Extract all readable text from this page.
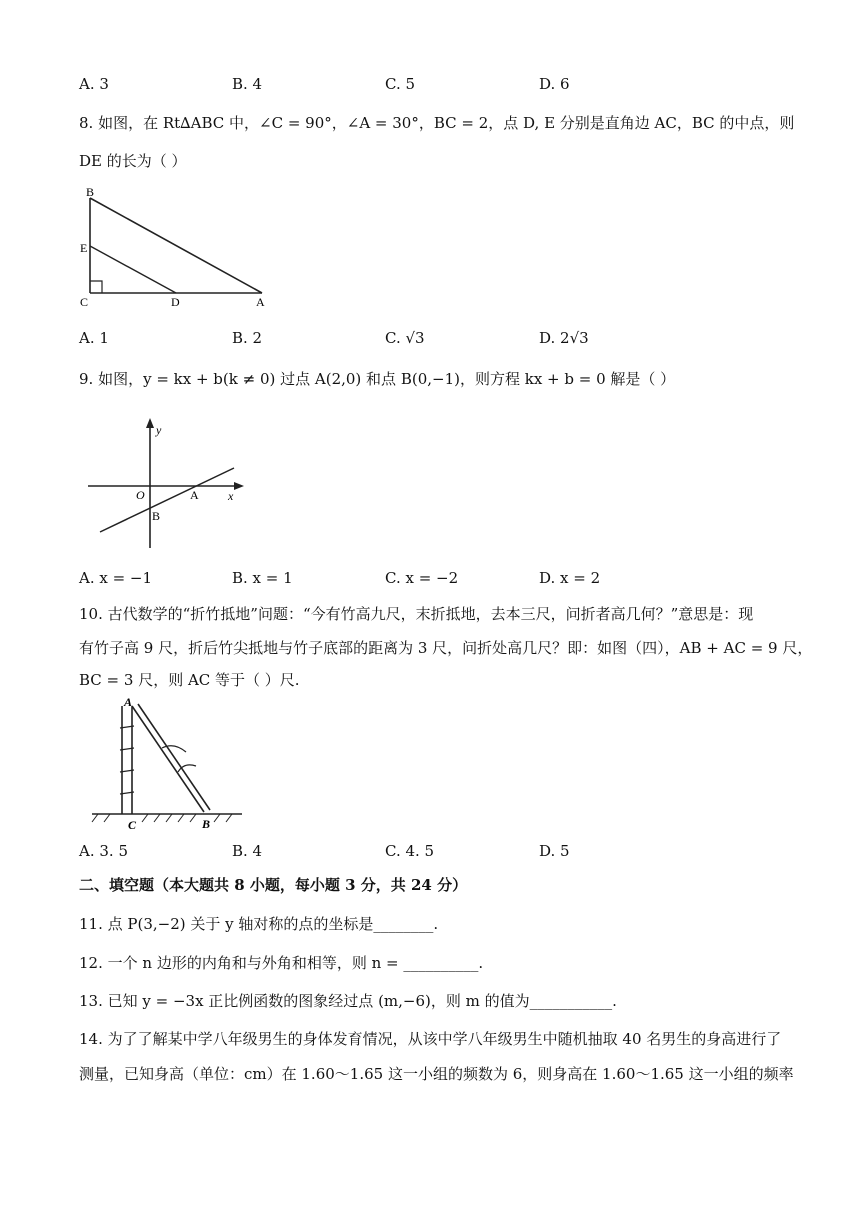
A. 3	B. 4	C. 5	D. 6
8. 如图，在 Rt∆ABC 中，∠C = 90°，∠A = 30°，BC = 2，点 D, E 分别是直角边 AC，BC 的中点，则
DE 的长为（ ）
B
E
C	D	A
A. 1	B. 2	C. √3	D. 2√3
9. 如图，y = kx + b(k ≠ 0) 过点 A(2,0) 和点 B(0,−1)，则方程 kx + b = 0 解是（ ）
y
x
O	A
B
A. x = −1	B. x = 1	C. x = −2	D. x = 2
10. 古代数学的“折竹抵地”问题：“今有竹高九尺，末折抵地，去本三尺，问折者高几何？”意思是：现
有竹子高 9 尺，折后竹尖抵地与竹子底部的距离为 3 尺，问折处高几尺？即：如图（四），AB + AC = 9 尺，
BC = 3 尺，则 AC 等于（ ）尺.
A
C	B
A. 3. 5	B. 4	C. 4. 5	D. 5
二、填空题（本大题共 8 小题，每小题 3 分，共 24 分）
11. 点 P(3,−2) 关于 y 轴对称的点的坐标是________.
12. 一个 n 边形的内角和与外角和相等，则 n = __________.
13. 已知 y = −3x 正比例函数的图象经过点 (m,−6)，则 m 的值为___________.
14. 为了了解某中学八年级男生的身体发育情况，从该中学八年级男生中随机抽取 40 名男生的身高进行了
测量，已知身高（单位：cm）在 1.60～1.65 这一小组的频数为 6，则身高在 1.60～1.65 这一小组的频率
